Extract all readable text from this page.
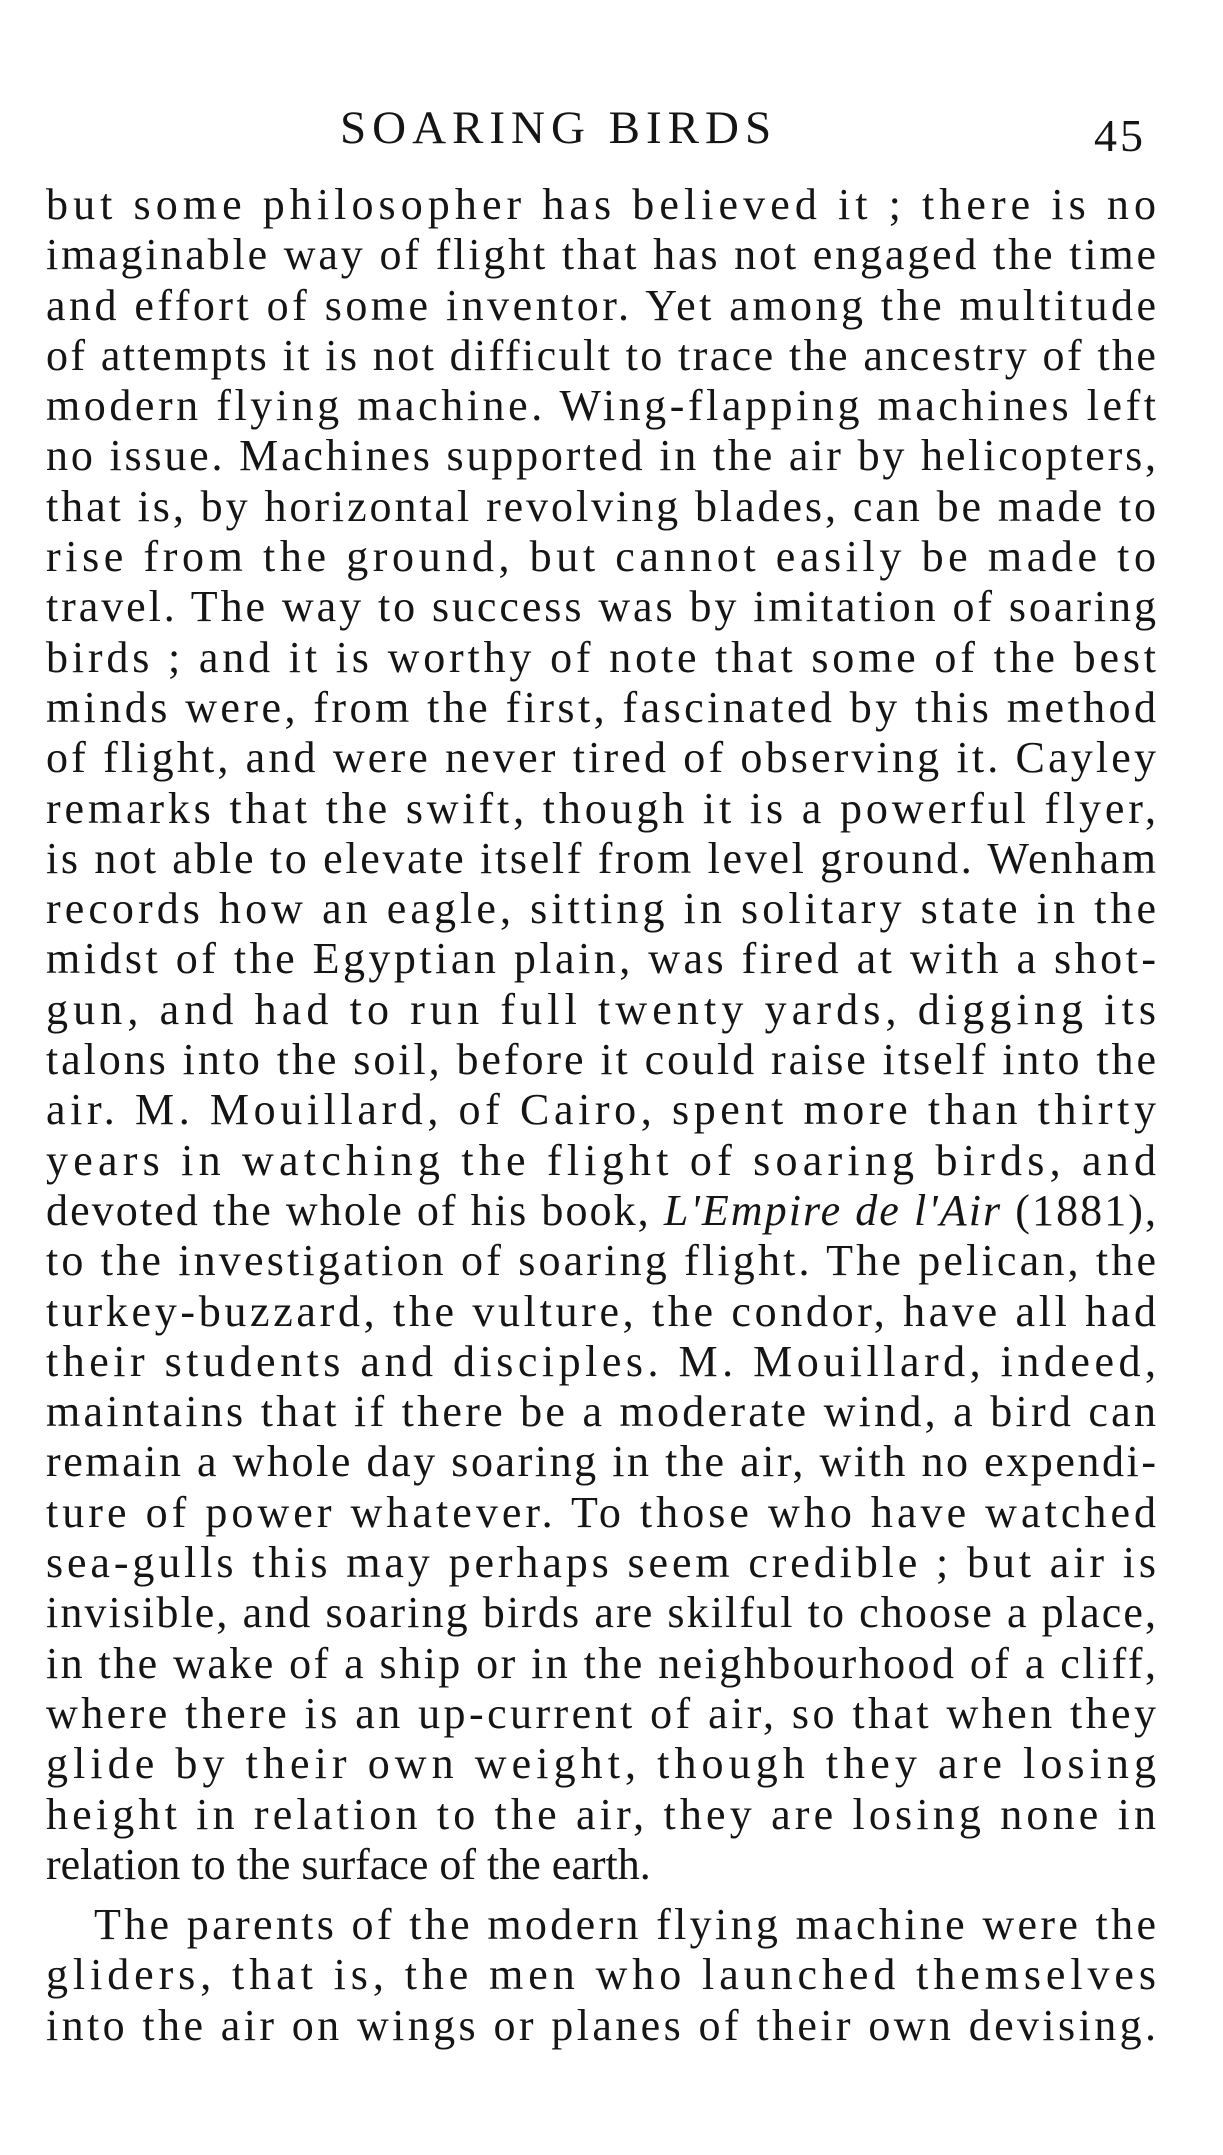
SOARING BIRDS	45
but some philosopher has believed it ; there is no
imaginable way of flight that has not engaged the time
and effort of some inventor. Yet among the multitude
of attempts it is not difficult to trace the ancestry of the
modern flying machine. Wing-flapping machines left
no issue. Machines supported in the air by helicopters,
that is, by horizontal revolving blades, can be made to
rise from the ground, but cannot easily be made to
travel. The way to success was by imitation of soaring
birds ; and it is worthy of note that some of the best
minds were, from the first, fascinated by this method
of flight, and were never tired of observing it. Cayley
remarks that the swift, though it is a powerful flyer,
is not able to elevate itself from level ground. Wenham
records how an eagle, sitting in solitary state in the
midst of the Egyptian plain, was fired at with a shot-
gun, and had to run full twenty yards, digging its
talons into the soil, before it could raise itself into the
air. M. Mouillard, of Cairo, spent more than thirty
years in watching the flight of soaring birds, and
devoted the whole of his book, L'Empire de l'Air (1881),
to the investigation of soaring flight. The pelican, the
turkey-buzzard, the vulture, the condor, have all had
their students and disciples. M. Mouillard, indeed,
maintains that if there be a moderate wind, a bird can
remain a whole day soaring in the air, with no expendi-
ture of power whatever. To those who have watched
sea-gulls this may perhaps seem credible ; but air is
invisible, and soaring birds are skilful to choose a place,
in the wake of a ship or in the neighbourhood of a cliff,
where there is an up-current of air, so that when they
glide by their own weight, though they are losing
height in relation to the air, they are losing none in
relation to the surface of the earth.
The parents of the modern flying machine were the
gliders, that is, the men who launched themselves
into the air on wings or planes of their own devising.
